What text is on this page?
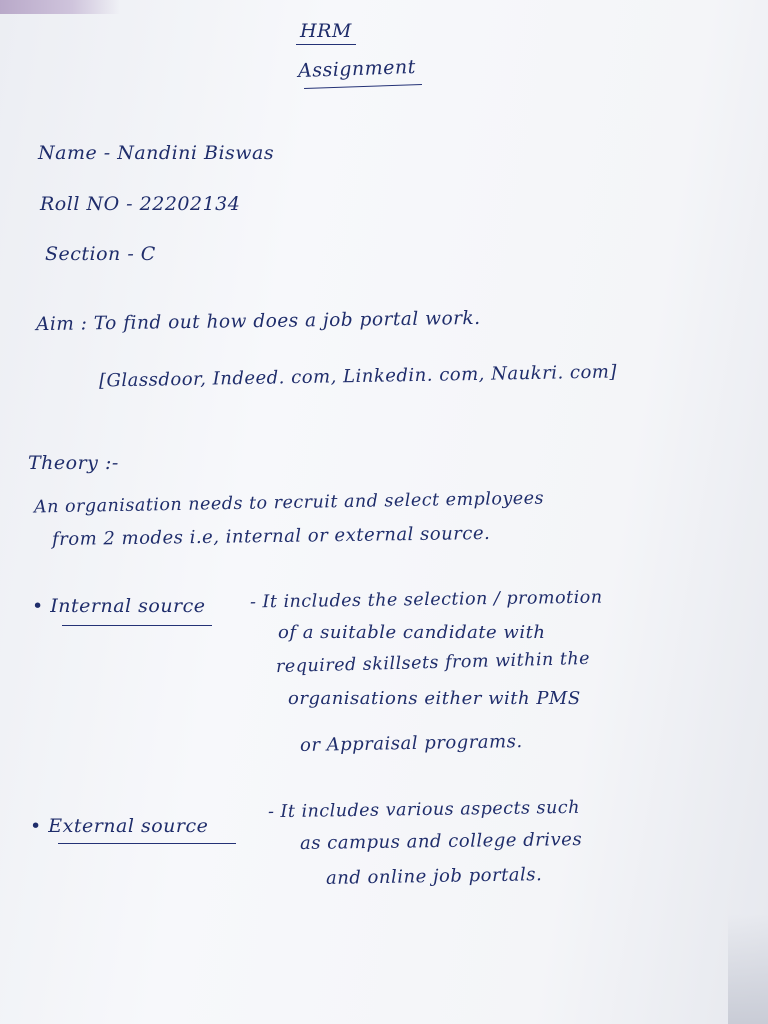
HRM
Assignment
Name - Nandini Biswas
Roll NO - 22202134
Section - C
Aim : To find out how does a job portal work.
[Glassdoor, Indeed. com, Linkedin. com, Naukri. com]
Theory :-
An organisation needs to recruit and select employees
from 2 modes i.e, internal or external source.
• Internal source	- It includes the selection / promotion
of a suitable candidate with
required skillsets from within the
organisations either with PMS
or Appraisal programs.
• External source
- It includes various aspects such
as campus and college drives
and online job portals.
